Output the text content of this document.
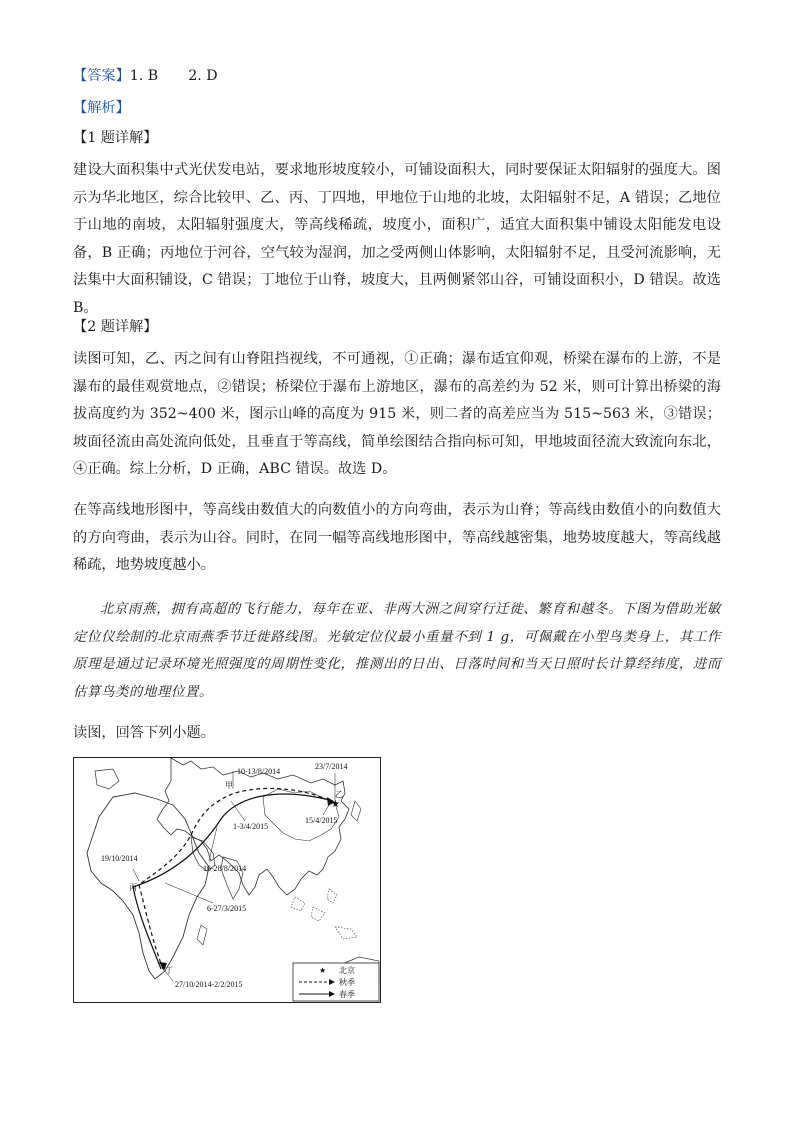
【答案】1. B 2. D
【解析】
【1 题详解】
建设大面积集中式光伏发电站，要求地形坡度较小，可铺设面积大，同时要保证太阳辐射的强度大。图示为华北地区，综合比较甲、乙、丙、丁四地，甲地位于山地的北坡，太阳辐射不足，A 错误；乙地位于山地的南坡，太阳辐射强度大，等高线稀疏，坡度小，面积广，适宜大面积集中铺设太阳能发电设备，B 正确；丙地位于河谷，空气较为湿润，加之受两侧山体影响，太阳辐射不足，且受河流影响，无法集中大面积铺设，C 错误；丁地位于山脊，坡度大，且两侧紧邻山谷，可铺设面积小，D 错误。故选 B。
【2 题详解】
读图可知，乙、丙之间有山脊阻挡视线，不可通视，①正确；瀑布适宜仰观，桥梁在瀑布的上游，不是瀑布的最佳观赏地点，②错误；桥梁位于瀑布上游地区，瀑布的高差约为 52 米，则可计算出桥梁的海拔高度约为 352~400 米，图示山峰的高度为 915 米，则二者的高差应当为 515~563 米，③错误；坡面径流由高处流向低处，且垂直于等高线，简单绘图结合指向标可知，甲地坡面径流大致流向东北，④正确。综上分析，D 正确，ABC 错误。故选 D。
在等高线地形图中，等高线由数值大的向数值小的方向弯曲，表示为山脊；等高线由数值小的向数值大的方向弯曲，表示为山谷。同时，在同一幅等高线地形图中，等高线越密集，地势坡度越大，等高线越稀疏，地势坡度越小。
北京雨燕，拥有高超的飞行能力，每年在亚、非两大洲之间穿行迁徙、繁育和越冬。下图为借助光敏定位仪绘制的北京雨燕季节迁徙路线图。光敏定位仪最小重量不到 1 g，可佩戴在小型鸟类身上，其工作原理是通过记录环境光照强度的周期性变化，推测出的日出、日落时间和当天日照时长计算经纬度，进而估算鸟类的地理位置。
读图，回答下列小题。
★
23/7/2014
10-13/8/2014
1-3/4/2015
15/4/2015
19/10/2014
16-28/8/2014
6-27/3/2015
27/10/2014-2/2/2015
甲
乙
丙
丁	★ 北京
秋季
春季
